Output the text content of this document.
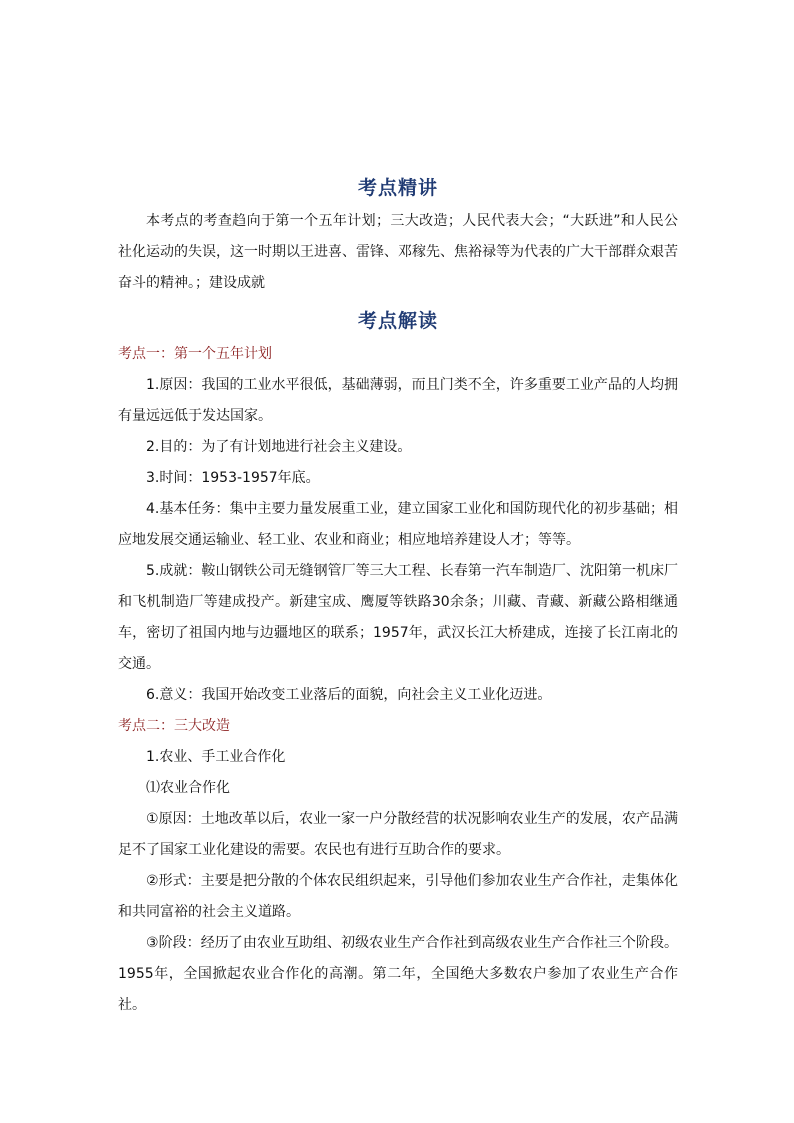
考点精讲

本考点的考查趋向于第一个五年计划；三大改造；人民代表大会；“大跃进”和人民公社化运动的失误，这一时期以王进喜、雷锋、邓稼先、焦裕禄等为代表的广大干部群众艰苦奋斗的精神。；建设成就

考点解读

考点一：第一个五年计划

1.原因：我国的工业水平很低，基础薄弱，而且门类不全，许多重要工业产品的人均拥有量远远低于发达国家。

2.目的：为了有计划地进行社会主义建设。

3.时间：1953-1957年底。

4.基本任务：集中主要力量发展重工业，建立国家工业化和国防现代化的初步基础；相应地发展交通运输业、轻工业、农业和商业；相应地培养建设人才；等等。

5.成就：鞍山钢铁公司无缝钢管厂等三大工程、长春第一汽车制造厂、沈阳第一机床厂和飞机制造厂等建成投产。新建宝成、鹰厦等铁路30余条；川藏、青藏、新藏公路相继通车，密切了祖国内地与边疆地区的联系；1957年，武汉长江大桥建成，连接了长江南北的交通。

6.意义：我国开始改变工业落后的面貌，向社会主义工业化迈进。

考点二：三大改造

1.农业、手工业合作化

⑴农业合作化

①原因：土地改革以后，农业一家一户分散经营的状况影响农业生产的发展，农产品满足不了国家工业化建设的需要。农民也有进行互助合作的要求。

②形式：主要是把分散的个体农民组织起来，引导他们参加农业生产合作社，走集体化和共同富裕的社会主义道路。

③阶段：经历了由农业互助组、初级农业生产合作社到高级农业生产合作社三个阶段。1955年，全国掀起农业合作化的高潮。第二年，全国绝大多数农户参加了农业生产合作社。
